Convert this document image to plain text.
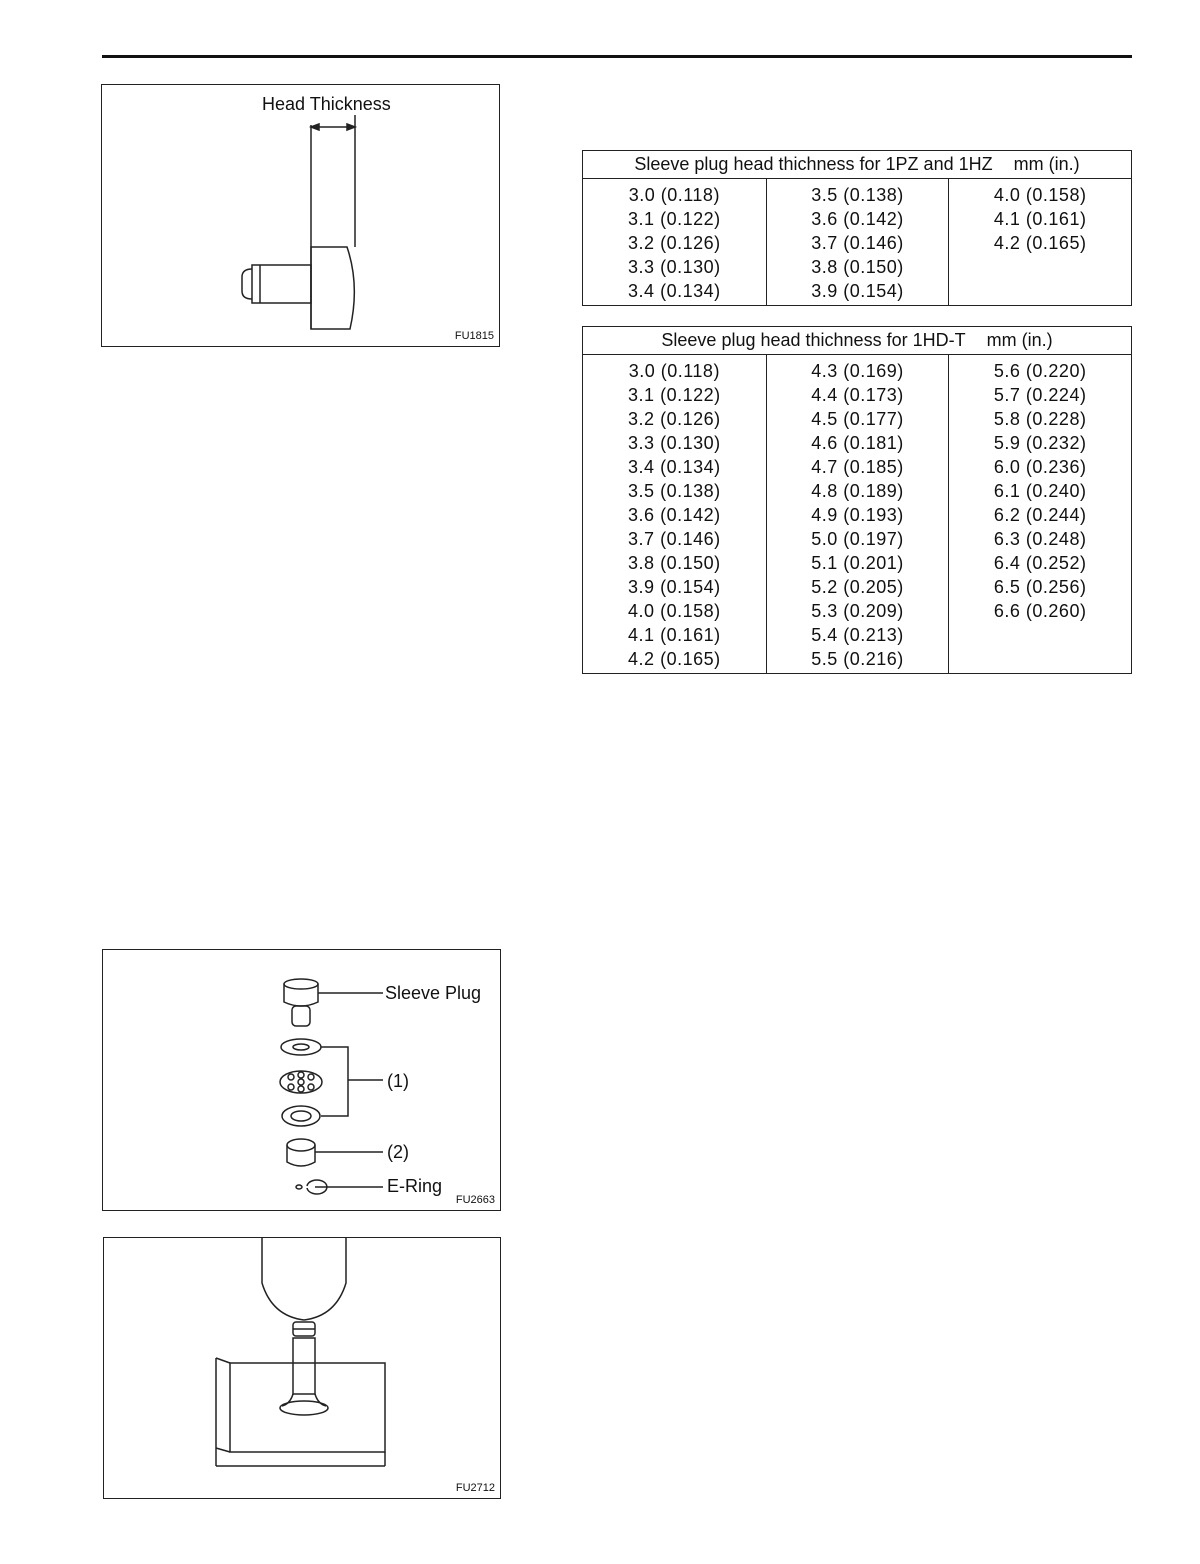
Head Thickness
FU1815
Sleeve plug head thichness for 1PZ and 1HZ mm (in.)
3.0 (0.118)
3.1 (0.122)
3.2 (0.126)
3.3 (0.130)
3.4 (0.134)
3.5 (0.138)
3.6 (0.142)
3.7 (0.146)
3.8 (0.150)
3.9 (0.154)
4.0 (0.158)
4.1 (0.161)
4.2 (0.165)
Sleeve plug head thichness for 1HD-T mm (in.)
3.0 (0.118)
3.1 (0.122)
3.2 (0.126)
3.3 (0.130)
3.4 (0.134)
3.5 (0.138)
3.6 (0.142)
3.7 (0.146)
3.8 (0.150)
3.9 (0.154)
4.0 (0.158)
4.1 (0.161)
4.2 (0.165)
4.3 (0.169)
4.4 (0.173)
4.5 (0.177)
4.6 (0.181)
4.7 (0.185)
4.8 (0.189)
4.9 (0.193)
5.0 (0.197)
5.1 (0.201)
5.2 (0.205)
5.3 (0.209)
5.4 (0.213)
5.5 (0.216)
5.6 (0.220)
5.7 (0.224)
5.8 (0.228)
5.9 (0.232)
6.0 (0.236)
6.1 (0.240)
6.2 (0.244)
6.3 (0.248)
6.4 (0.252)
6.5 (0.256)
6.6 (0.260)
Sleeve Plug
(1)
(2)
E-Ring
FU2663
FU2712
